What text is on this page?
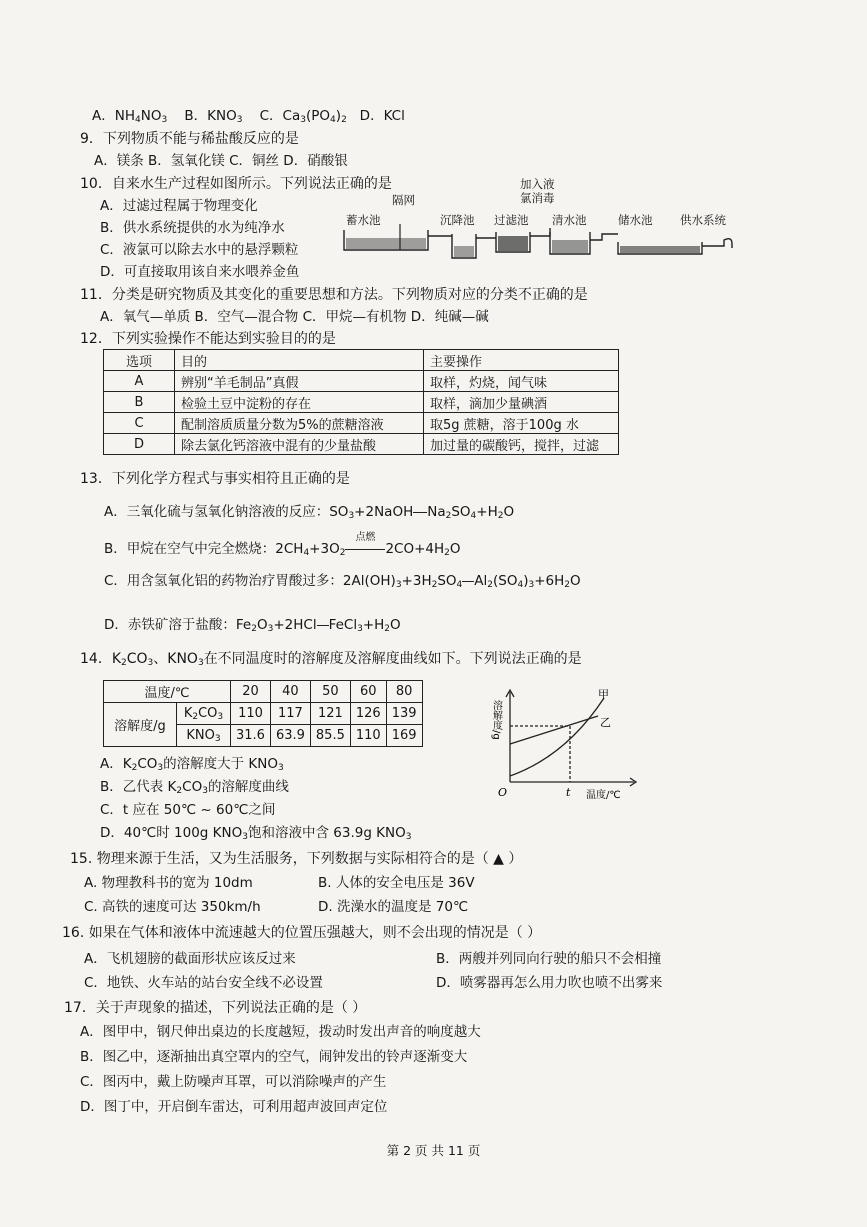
A．$NH_4NO_3$ B．$KNO_3$ C．$Ca_3(PO_4)_2$ D．KCl
9．下列物质不能与稀盐酸反应的是
A．镁条 B．氢氧化镁 C．铜丝 D．硝酸银
10．自来水生产过程如图所示。下列说法正确的是
A．过滤过程属于物理变化
B．供水系统提供的水为纯净水
C．液氯可以除去水中的悬浮颗粒
D．可直接取用该自来水喂养金鱼
加入液
氯消毒
隔网
蓄水池	沉降池 过滤池 清水池	储水池 供水系统
11．分类是研究物质及其变化的重要思想和方法。下列物质对应的分类不正确的是
A．氧气—单质 B．空气—混合物 C．甲烷—有机物 D．纯碱—碱
12．下列实验操作不能达到实验目的的是
选项	目的	主要操作
A	辨别“羊毛制品”真假	取样，灼烧，闻气味
B	检验土豆中淀粉的存在	取样，滴加少量碘酒
C	配制溶质质量分数为5%的蔗糖溶液	取5g 蔗糖，溶于100g 水
D	除去氯化钙溶液中混有的少量盐酸	加过量的碳酸钙，搅拌，过滤
13．下列化学方程式与事实相符且正确的是
A．三氧化硫与氢氧化钠溶液的反应：$SO_3+2NaOH$ $Na_2SO_4+H_2O$
B．甲烷在空气中完全燃烧：$2CH_4+3O_2$
点燃
$2CO+4H_2O$
C．用含氢氧化铝的药物治疗胃酸过多：$2Al(OH)_3+3H_2SO_4$ $Al_2(SO_4)_3+6H_2O$
D．赤铁矿溶于盐酸：$Fe_2O_3+2HCl$ $FeCl_3+H_2O$
14．$K_2CO_3$、$KNO_3$在不同温度时的溶解度及溶解度曲线如下。下列说法正确的是
温度/℃		20	40	50	60	80
溶解度/g	$K_2CO_3$	110	117	121	126	139
	$KNO_3$	31.6	63.9	85.5	110	169	溶解度/g
甲
乙
O	t 温度/℃
A．$K_2CO_3$的溶解度大于 $KNO_3$
B．乙代表 $K_2CO_3$的溶解度曲线
C．t 应在 50℃ ~ 60℃之间
D．40℃时 100g $KNO_3$饱和溶液中含 63.9g $KNO_3$
15. 物理来源于生活，又为生活服务，下列数据与实际相符合的是（ ▲ ）
A. 物理教科书的宽为 10dm	B. 人体的安全电压是 36V
C. 高铁的速度可达 350km/h	D. 洗澡水的温度是 70℃
16. 如果在气体和液体中流速越大的位置压强越大，则不会出现的情况是（ ）
A．飞机翅膀的截面形状应该反过来	B．两艘并列同向行驶的船只不会相撞
C．地铁、火车站的站台安全线不必设置	D．喷雾器再怎么用力吹也喷不出雾来
17．关于声现象的描述，下列说法正确的是（ ）
A．图甲中，钢尺伸出桌边的长度越短，拨动时发出声音的响度越大
B．图乙中，逐渐抽出真空罩内的空气，闹钟发出的铃声逐渐变大
C．图丙中，戴上防噪声耳罩，可以消除噪声的产生
D．图丁中，开启倒车雷达，可利用超声波回声定位
第 2 页 共 11 页
